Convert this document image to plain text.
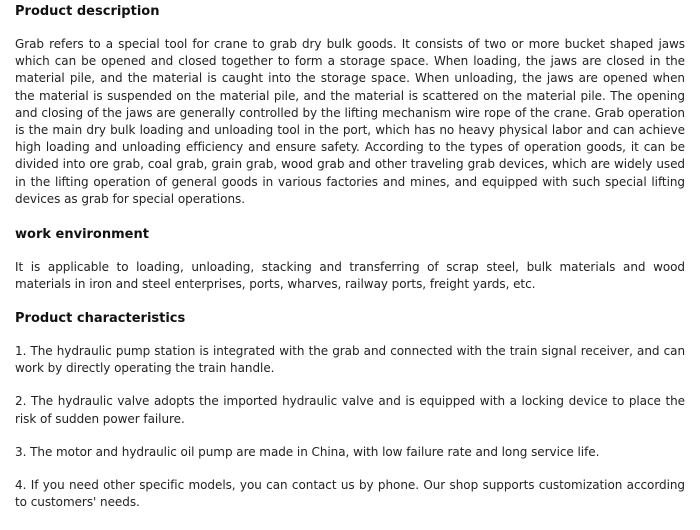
Product description

Grab refers to a special tool for crane to grab dry bulk goods. It consists of two or more bucket shaped jaws which can be opened and closed together to form a storage space. When loading, the jaws are closed in the material pile, and the material is caught into the storage space. When unloading, the jaws are opened when the material is suspended on the material pile, and the material is scattered on the material pile. The opening and closing of the jaws are generally controlled by the lifting mechanism wire rope of the crane. Grab operation is the main dry bulk loading and unloading tool in the port, which has no heavy physical labor and can achieve high loading and unloading efficiency and ensure safety. According to the types of operation goods, it can be divided into ore grab, coal grab, grain grab, wood grab and other traveling grab devices, which are widely used in the lifting operation of general goods in various factories and mines, and equipped with such special lifting devices as grab for special operations.

work environment

It is applicable to loading, unloading, stacking and transferring of scrap steel, bulk materials and wood materials in iron and steel enterprises, ports, wharves, railway ports, freight yards, etc.

Product characteristics

1. The hydraulic pump station is integrated with the grab and connected with the train signal receiver, and can work by directly operating the train handle.

2. The hydraulic valve adopts the imported hydraulic valve and is equipped with a locking device to place the risk of sudden power failure.

3. The motor and hydraulic oil pump are made in China, with low failure rate and long service life.

4. If you need other specific models, you can contact us by phone. Our shop supports customization according to customers' needs.
